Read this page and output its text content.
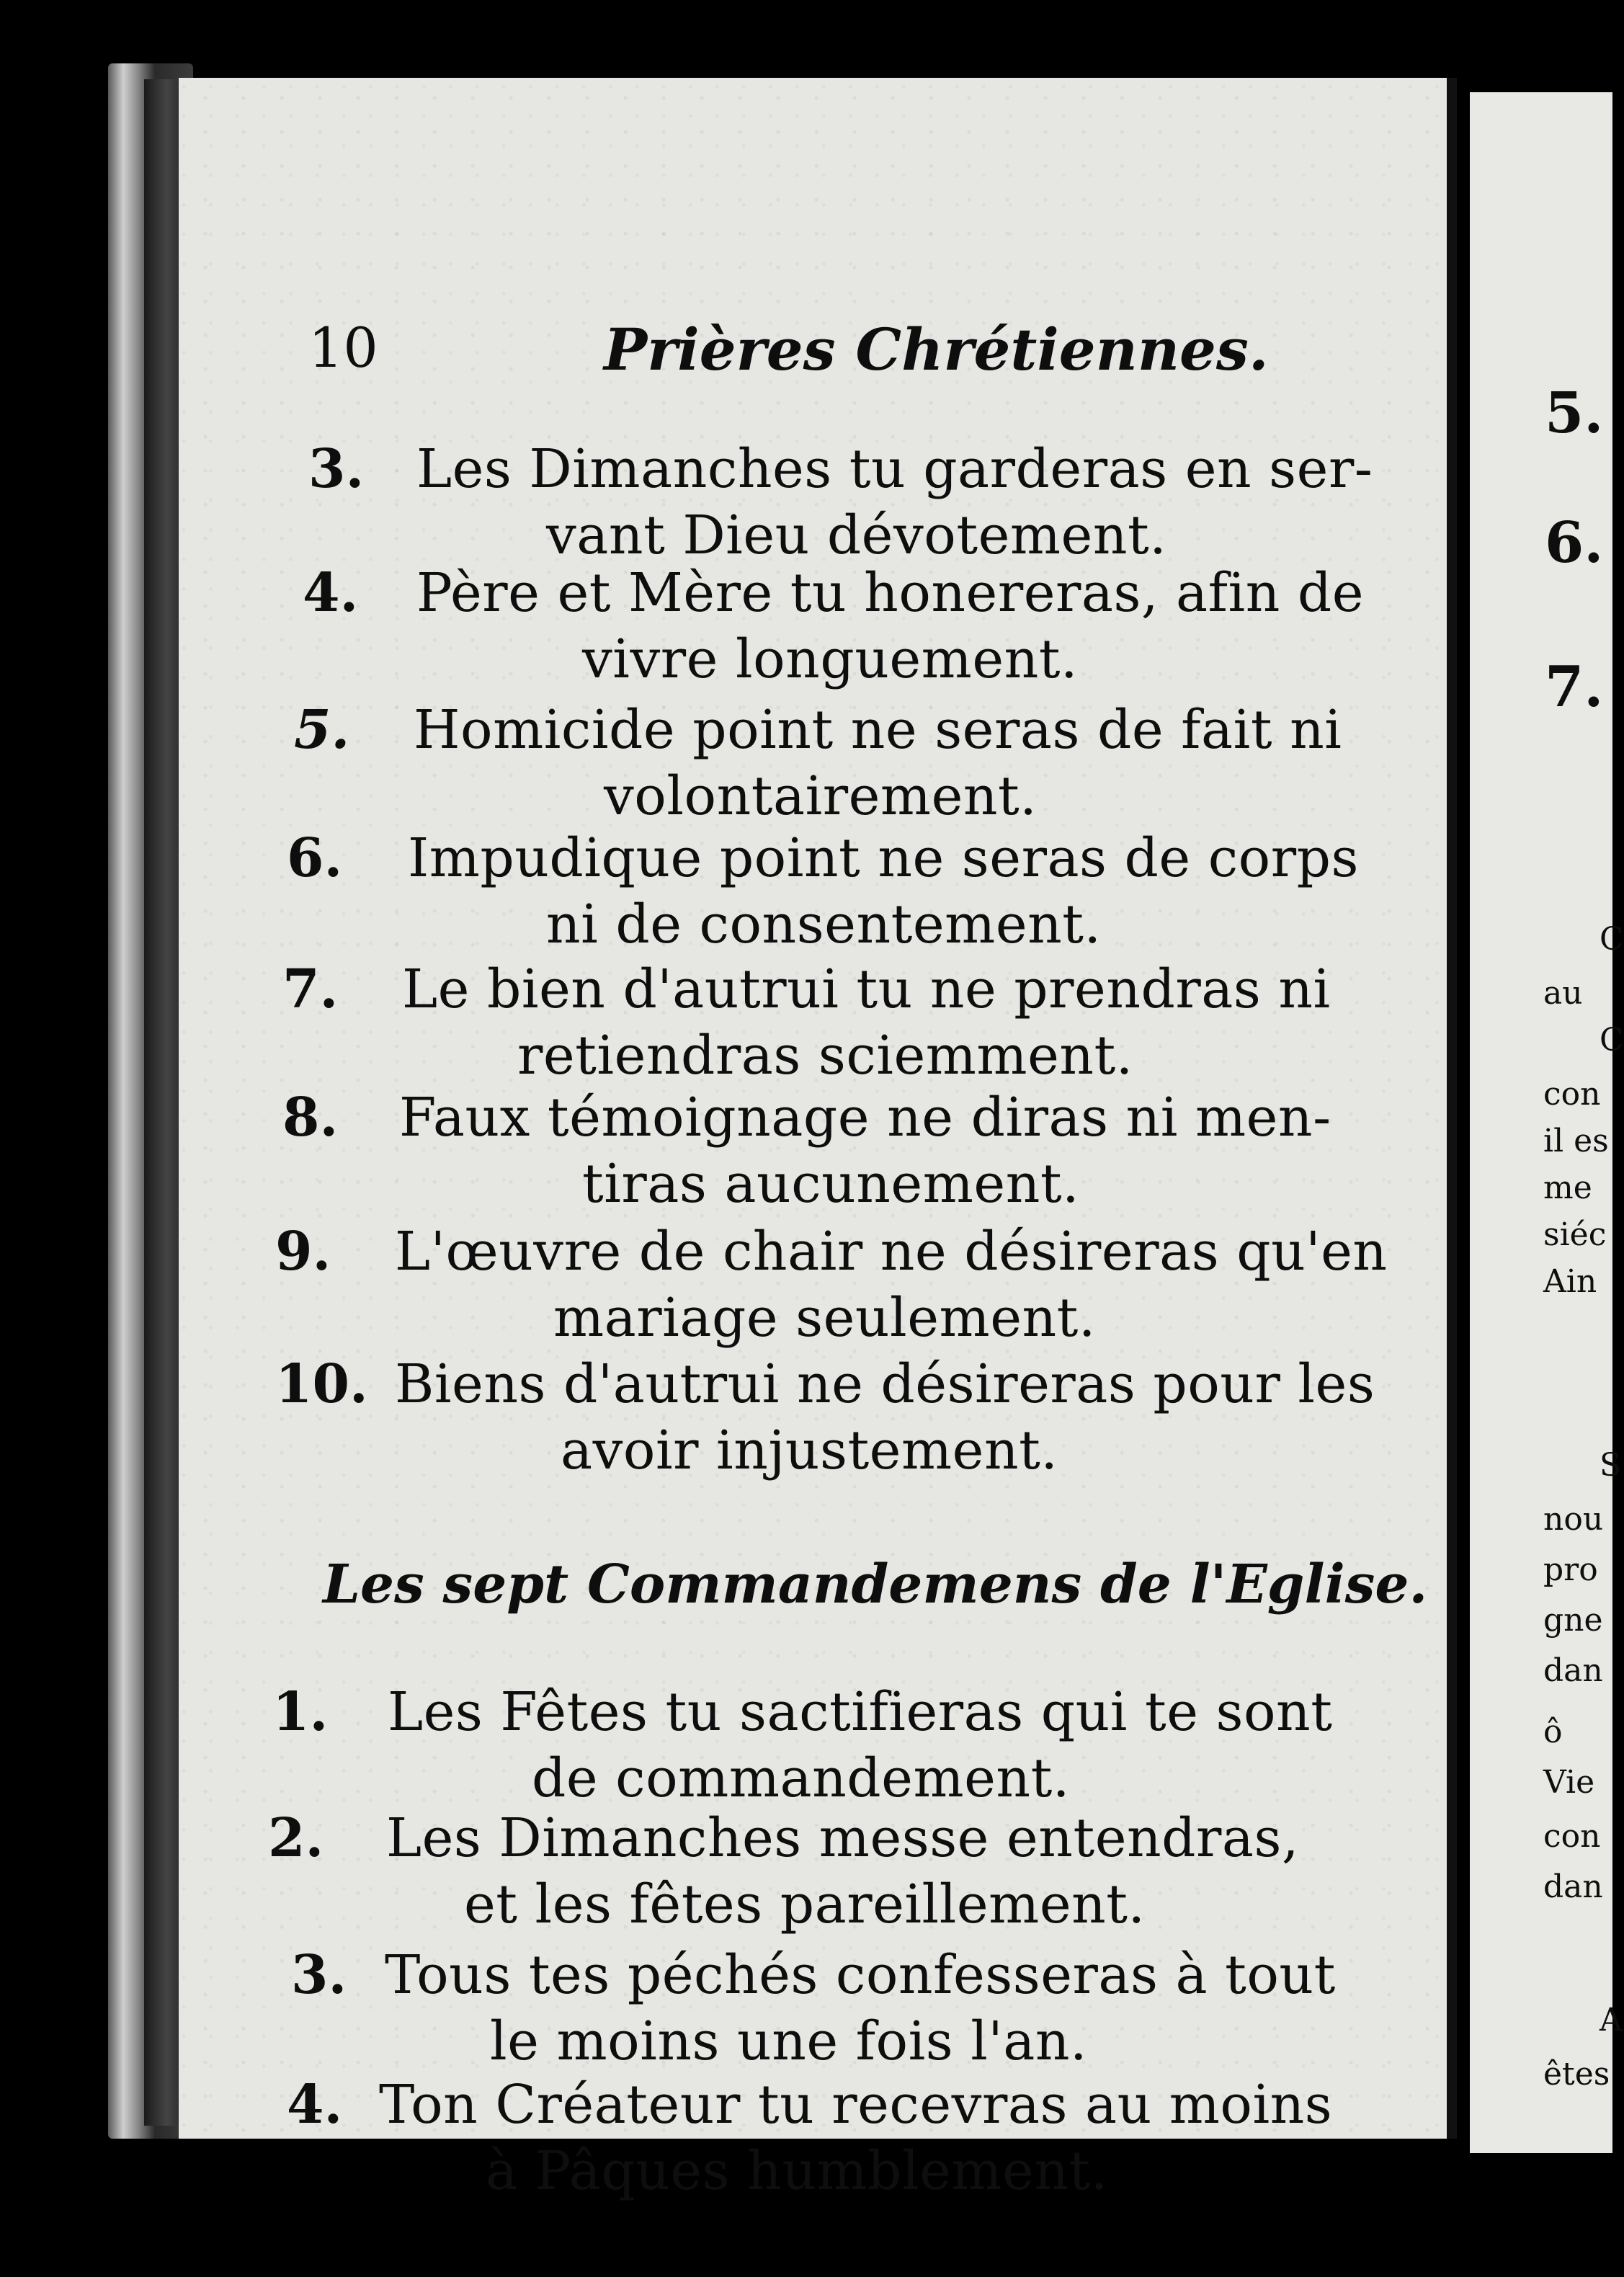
10	Prières Chrétiennes.
3. Les Dimanches tu garderas en ser-
vant Dieu dévotement.
4. Père et Mère tu honereras, afin de
vivre longuement.
5. Homicide point ne seras de fait ni
volontairement.
6. Impudique point ne seras de corps
ni de consentement.
7. Le bien d'autrui tu ne prendras ni
retiendras sciemment.
8. Faux témoignage ne diras ni men-
tiras aucunement.
9. L'œuvre de chair ne désireras qu'en
mariage seulement.
10. Biens d'autrui ne désireras pour les
avoir injustement.
Les sept Commandemens de l'Eglise.
1. Les Fêtes tu sactifieras qui te sont
de commandement.
2. Les Dimanches messe entendras,
et les fêtes pareillement.
3. Tous tes péchés confesseras à tout
le moins une fois l'an.
4. Ton Créateur tu recevras au moins
à Pâques humblement.
5.
6.
7.
C
au
C
con
il es
me
siéc
Ain
S
nou
pro
gne
dan
ô
Vie
con
dan
A
êtes
